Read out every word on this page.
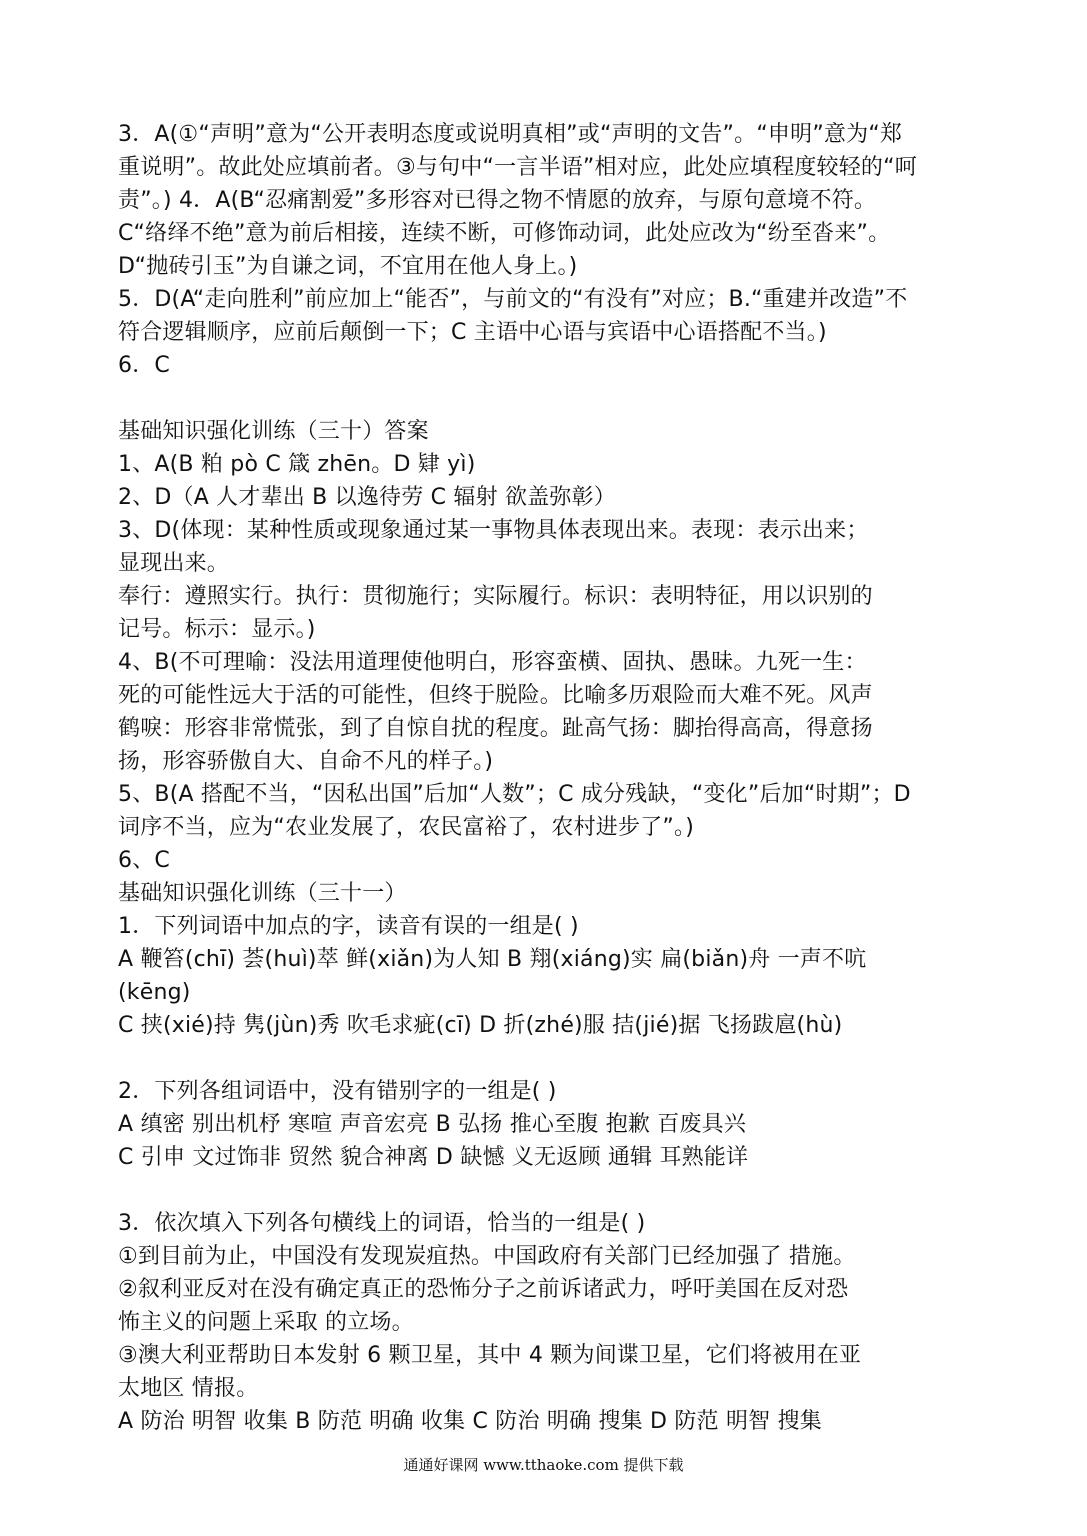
3．A(①“声明”意为“公开表明态度或说明真相”或“声明的文告”。“申明”意为“郑
重说明”。故此处应填前者。③与句中“一言半语”相对应，此处应填程度较轻的“呵
责”。) 4．A(B“忍痛割爱”多形容对已得之物不情愿的放弃，与原句意境不符。
C“络绎不绝”意为前后相接，连续不断，可修饰动词，此处应改为“纷至沓来”。
D“抛砖引玉”为自谦之词，不宜用在他人身上。)
5．D(A“走向胜利”前应加上“能否”，与前文的“有没有”对应；B.“重建并改造”不
符合逻辑顺序，应前后颠倒一下；C 主语中心语与宾语中心语搭配不当。)
6．C
基础知识强化训练（三十）答案
1、A(B 粕 pò C 箴 zhēn。D 肄 yì)
2、D（A 人才辈出 B 以逸待劳 C 辐射 欲盖弥彰）
3、D(体现：某种性质或现象通过某一事物具体表现出来。表现：表示出来；
显现出来。
奉行：遵照实行。执行：贯彻施行；实际履行。标识：表明特征，用以识别的
记号。标示：显示。)
4、B(不可理喻：没法用道理使他明白，形容蛮横、固执、愚昧。九死一生：
死的可能性远大于活的可能性，但终于脱险。比喻多历艰险而大难不死。风声
鹤唳：形容非常慌张，到了自惊自扰的程度。趾高气扬：脚抬得高高，得意扬
扬，形容骄傲自大、自命不凡的样子。)
5、B(A 搭配不当，“因私出国”后加“人数”；C 成分残缺，“变化”后加“时期”；D
词序不当，应为“农业发展了，农民富裕了，农村进步了”。)
6、C
基础知识强化训练（三十一）
1．下列词语中加点的字，读音有误的一组是( )
A 鞭笞(chī) 荟(huì)萃 鲜(xiǎn)为人知 B 翔(xiáng)实 扁(biǎn)舟 一声不吭
(kēng)
C 挟(xié)持 隽(jùn)秀 吹毛求疵(cī) D 折(zhé)服 拮(jié)据 飞扬跋扈(hù)
2．下列各组词语中，没有错别字的一组是( )
A 缜密 别出机杼 寒喧 声音宏亮 B 弘扬 推心至腹 抱歉 百废具兴
C 引申 文过饰非 贸然 貌合神离 D 缺憾 义无返顾 通辑 耳熟能详
3．依次填入下列各句横线上的词语，恰当的一组是( )
①到目前为止，中国没有发现炭疽热。中国政府有关部门已经加强了 措施。
②叙利亚反对在没有确定真正的恐怖分子之前诉诸武力，呼吁美国在反对恐
怖主义的问题上采取 的立场。
③澳大利亚帮助日本发射 6 颗卫星，其中 4 颗为间谍卫星，它们将被用在亚
太地区 情报。
A 防治 明智 收集 B 防范 明确 收集 C 防治 明确 搜集 D 防范 明智 搜集
通通好课网 www.tthaoke.com 提供下载
